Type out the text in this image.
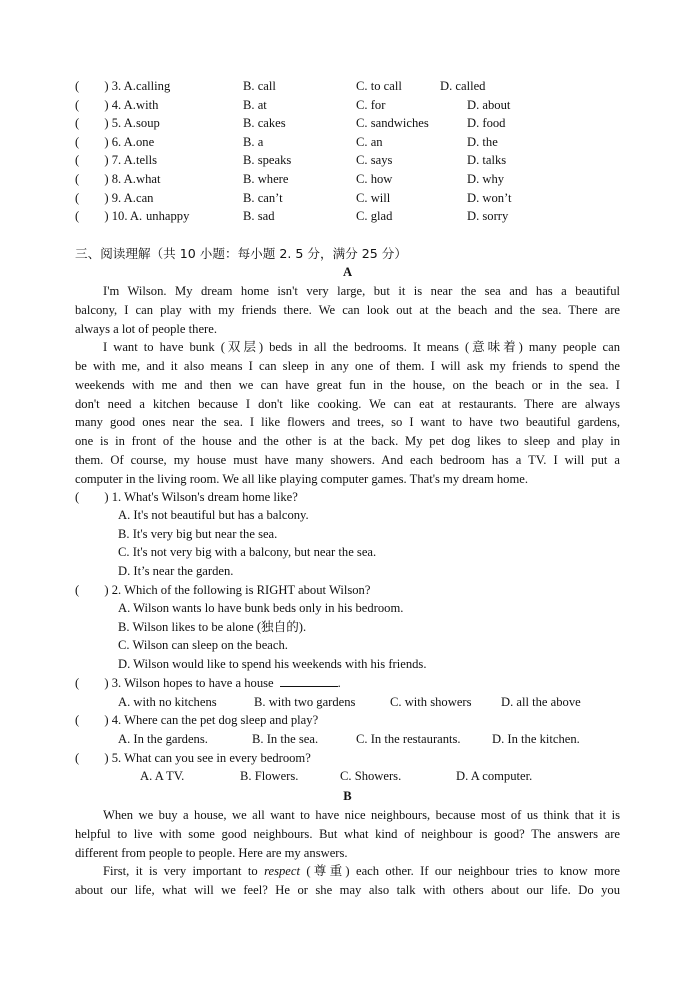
(　　) 3. A. calling	B. call	C. to call	D. called
(　　) 4. A. with	B. at	C. for	D. about
(　　) 5. A. soup	B. cakes	C. sandwiches	D. food
(　　) 6. A. one	B. a	C. an	D. the
(　　) 7. A. tells	B. speaks	C. says	D. talks
(　　) 8. A. what	B. where	C. how	D. why
(　　) 9. A. can	B. can’t	C. will	D. won’t
(　　) 10. A. unhappy	B. sad	C. glad	D. sorry
三、阅读理解（共 10 小题：每小题 2. 5 分，满分 25 分）
A
I'm Wilson. My dream home isn't very large, but it is near the sea and has a beautiful
balcony, I can play with my friends there. We can look out at the beach and the sea. There are
always a lot of people there.
I want to have bunk (双层) beds in all the bedrooms. It means (意味着) many people can
be with me, and it also means I can sleep in any one of them. I will ask my friends to spend the
weekends with me and then we can have great fun in the house, on the beach or in the sea. I
don't need a kitchen because I don't like cooking. We can eat at restaurants. There are always
many good ones near the sea. I like flowers and trees, so I want to have two beautiful gardens,
one is in front of the house and the other is at the back. My pet dog likes to sleep and play in
them. Of course, my house must have many showers. And each bedroom has a TV. I will put a
computer in the living room. We all like playing computer games. That's my dream home.
(　　) 1. What's Wilson's dream home like?
A. It's not beautiful but has a balcony.
B. It's very big but near the sea.
C. It's not very big with a balcony, but near the sea.
D. It’s near the garden.
(　　) 2. Which of the following is RIGHT about Wilson?
A. Wilson wants lo have bunk beds only in his bedroom.
B. Wilson likes to be alone (独自的).
C. Wilson can sleep on the beach.
D. Wilson would like to spend his weekends with his friends.
(　　) 3. Wilson hopes to have a house	.
A. with no kitchens	B. with two gardens	C. with showers D. all the above
(　　) 4. Where can the pet dog sleep and play?
A. In the gardens.	B. In the sea.	C. In the restaurants. D. In the kitchen.
(　　) 5. What can you see in every bedroom?
A. A TV.	B. Flowers.	C. Showers.	D. A computer.
B
When we buy a house, we all want to have nice neighbours, because most of us think that it is
helpful to live with some good neighbours. But what kind of neighbour is good? The answers are
different from people to people. Here are my answers.
First, it is very important to respect (尊重) each other. If our neighbour tries to know more
about our life, what will we feel? He or she may also talk with others about our life. Do you
